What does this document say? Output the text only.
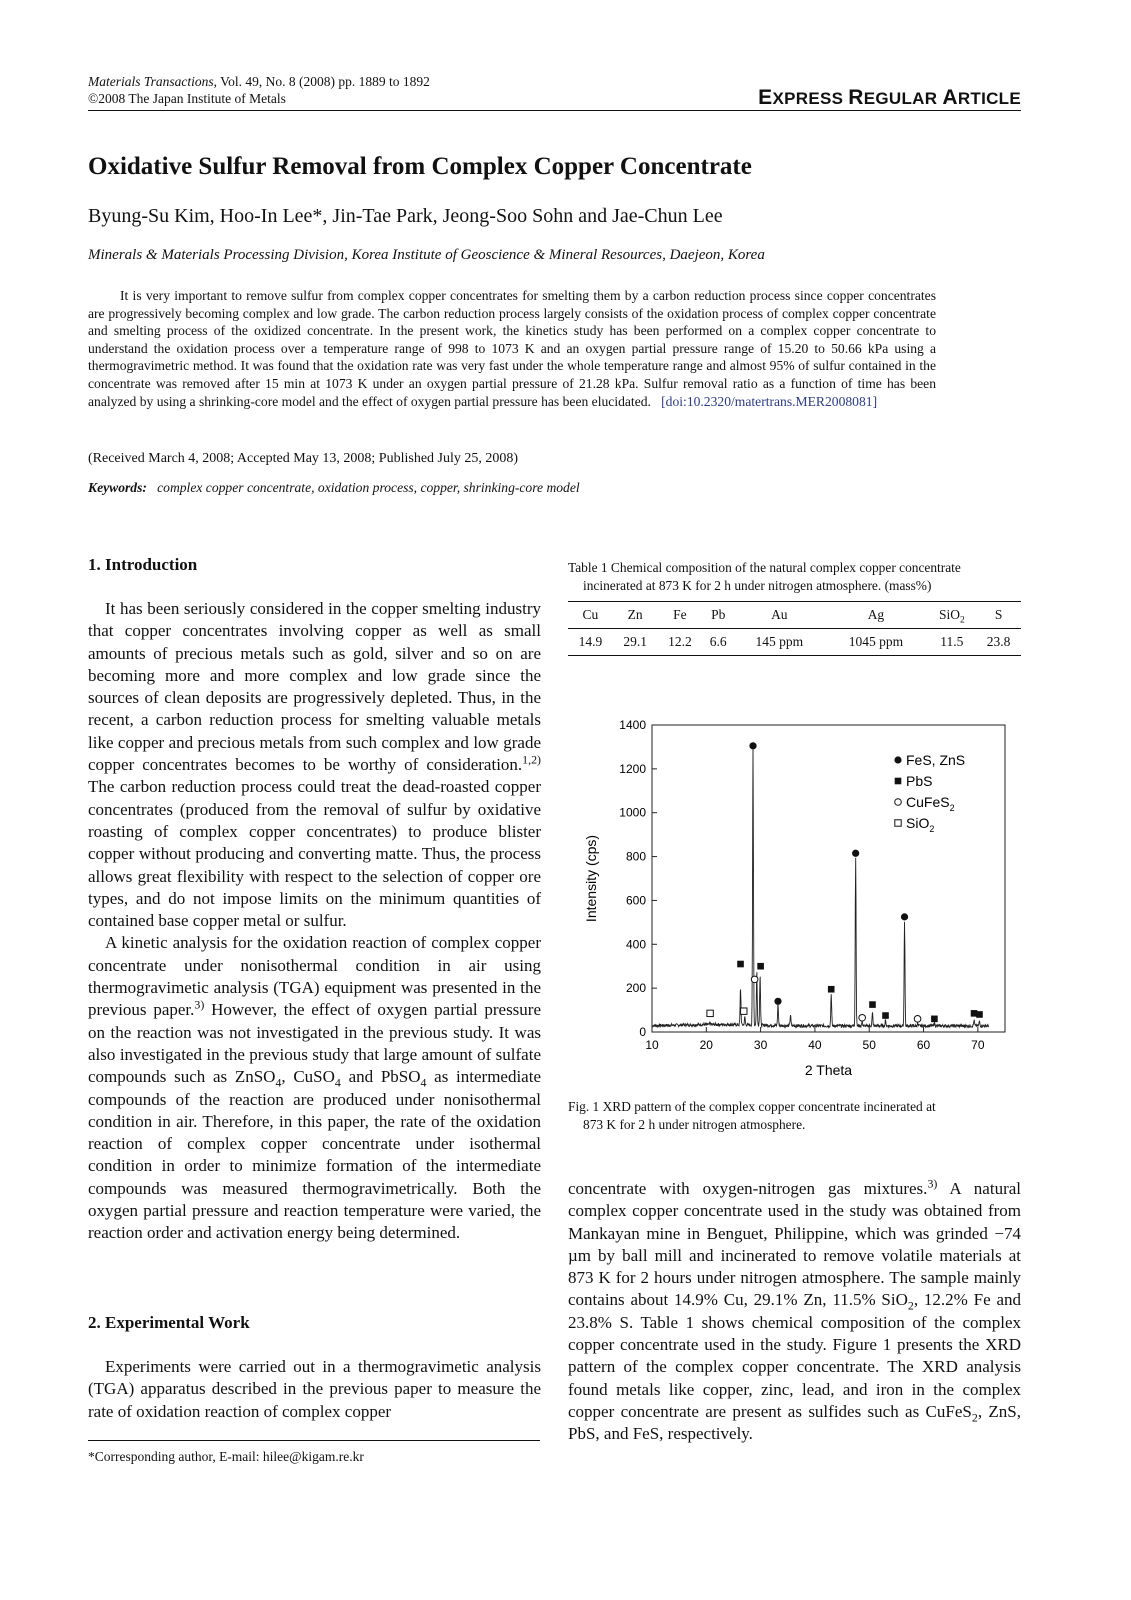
Materials Transactions, Vol. 49, No. 8 (2008) pp. 1889 to 1892
©2008 The Japan Institute of Metals	EXPRESS REGULAR ARTICLE
Oxidative Sulfur Removal from Complex Copper Concentrate
Byung-Su Kim, Hoo-In Lee*, Jin-Tae Park, Jeong-Soo Sohn and Jae-Chun Lee
Minerals & Materials Processing Division, Korea Institute of Geoscience & Mineral Resources, Daejeon, Korea
It is very important to remove sulfur from complex copper concentrates for smelting them by a carbon reduction process since copper concentrates are progressively becoming complex and low grade. The carbon reduction process largely consists of the oxidation process of complex copper concentrate and smelting process of the oxidized concentrate. In the present work, the kinetics study has been performed on a complex copper concentrate to understand the oxidation process over a temperature range of 998 to 1073 K and an oxygen partial pressure range of 15.20 to 50.66 kPa using a thermogravimetric method. It was found that the oxidation rate was very fast under the whole temperature range and almost 95% of sulfur contained in the concentrate was removed after 15 min at 1073 K under an oxygen partial pressure of 21.28 kPa. Sulfur removal ratio as a function of time has been analyzed by using a shrinking-core model and the effect of oxygen partial pressure has been elucidated. [doi:10.2320/matertrans.MER2008081]
(Received March 4, 2008; Accepted May 13, 2008; Published July 25, 2008)
Keywords: complex copper concentrate, oxidation process, copper, shrinking-core model
1. Introduction

It has been seriously considered in the copper smelting industry that copper concentrates involving copper as well as small amounts of precious metals such as gold, silver and so on are becoming more and more complex and low grade since the sources of clean deposits are progressively depleted. Thus, in the recent, a carbon reduction process for smelting valuable metals like copper and precious metals from such complex and low grade copper concentrates becomes to be worthy of consideration.$^{1,2)}$ The carbon reduction process could treat the dead-roasted copper concentrates (produced from the removal of sulfur by oxidative roasting of complex copper concentrates) to produce blister copper without producing and converting matte. Thus, the process allows great flexibility with respect to the selection of copper ore types, and do not impose limits on the minimum quantities of contained base copper metal or sulfur.

A kinetic analysis for the oxidation reaction of complex copper concentrate under nonisothermal condition in air using thermogravimetic analysis (TGA) equipment was presented in the previous paper.$^{3)}$ However, the effect of oxygen partial pressure on the reaction was not investigated in the previous study. It was also investigated in the previous study that large amount of sulfate compounds such as ZnSO$_4$, CuSO$_4$ and PbSO$_4$ as intermediate compounds of the reaction are produced under nonisothermal condition in air. Therefore, in this paper, the rate of the oxidation reaction of complex copper concentrate under isothermal condition in order to minimize formation of the intermediate compounds was measured thermogravimetrically. Both the oxygen partial pressure and reaction temperature were varied, the reaction order and activation energy being determined.

2. Experimental Work

Experiments were carried out in a thermogravimetic analysis (TGA) apparatus described in the previous paper to measure the rate of oxidation reaction of complex copper

*Corresponding author, E-mail: hilee@kigam.re.kr
Table 1 Chemical composition of the natural complex copper concentrate
incinerated at 873 K for 2 h under nitrogen atmosphere. (mass%)
Cu	Zn	Fe	Pb	Au	Ag	SiO$_2$	S
14.9	29.1	12.2	6.6	145 ppm	1045 ppm	11.5	23.8
10	20	30	40	50	60	70
0
200
400
600
800
1000
1200
1400
FeS, ZnS
PbS
CuFeS$_2$
SiO$_2$
2 Theta
Intensity (cps)
Fig. 1 XRD pattern of the complex copper concentrate incinerated at
873 K for 2 h under nitrogen atmosphere.

concentrate with oxygen-nitrogen gas mixtures.$^{3)}$ A natural complex copper concentrate used in the study was obtained from Mankayan mine in Benguet, Philippine, which was grinded −74 µm by ball mill and incinerated to remove volatile materials at 873 K for 2 hours under nitrogen atmosphere. The sample mainly contains about 14.9% Cu, 29.1% Zn, 11.5% SiO$_2$, 12.2% Fe and 23.8% S. Table 1 shows chemical composition of the complex copper concentrate used in the study. Figure 1 presents the XRD pattern of the complex copper concentrate. The XRD analysis found metals like copper, zinc, lead, and iron in the complex copper concentrate are present as sulfides such as CuFeS$_2$, ZnS, PbS, and FeS, respectively.
